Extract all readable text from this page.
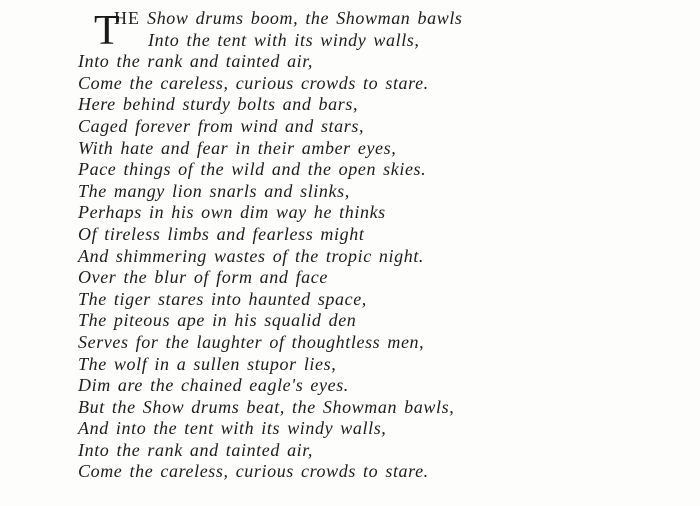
T
HE Show drums boom, the Showman bawls
Into the tent with its windy walls,
Into the rank and tainted air,
Come the careless, curious crowds to stare.
Here behind sturdy bolts and bars,
Caged forever from wind and stars,
With hate and fear in their amber eyes,
Pace things of the wild and the open skies.
The mangy lion snarls and slinks,
Perhaps in his own dim way he thinks
Of tireless limbs and fearless might
And shimmering wastes of the tropic night.
Over the blur of form and face
The tiger stares into haunted space,
The piteous ape in his squalid den
Serves for the laughter of thoughtless men,
The wolf in a sullen stupor lies,
Dim are the chained eagle's eyes.
But the Show drums beat, the Showman bawls,
And into the tent with its windy walls,
Into the rank and tainted air,
Come the careless, curious crowds to stare.
